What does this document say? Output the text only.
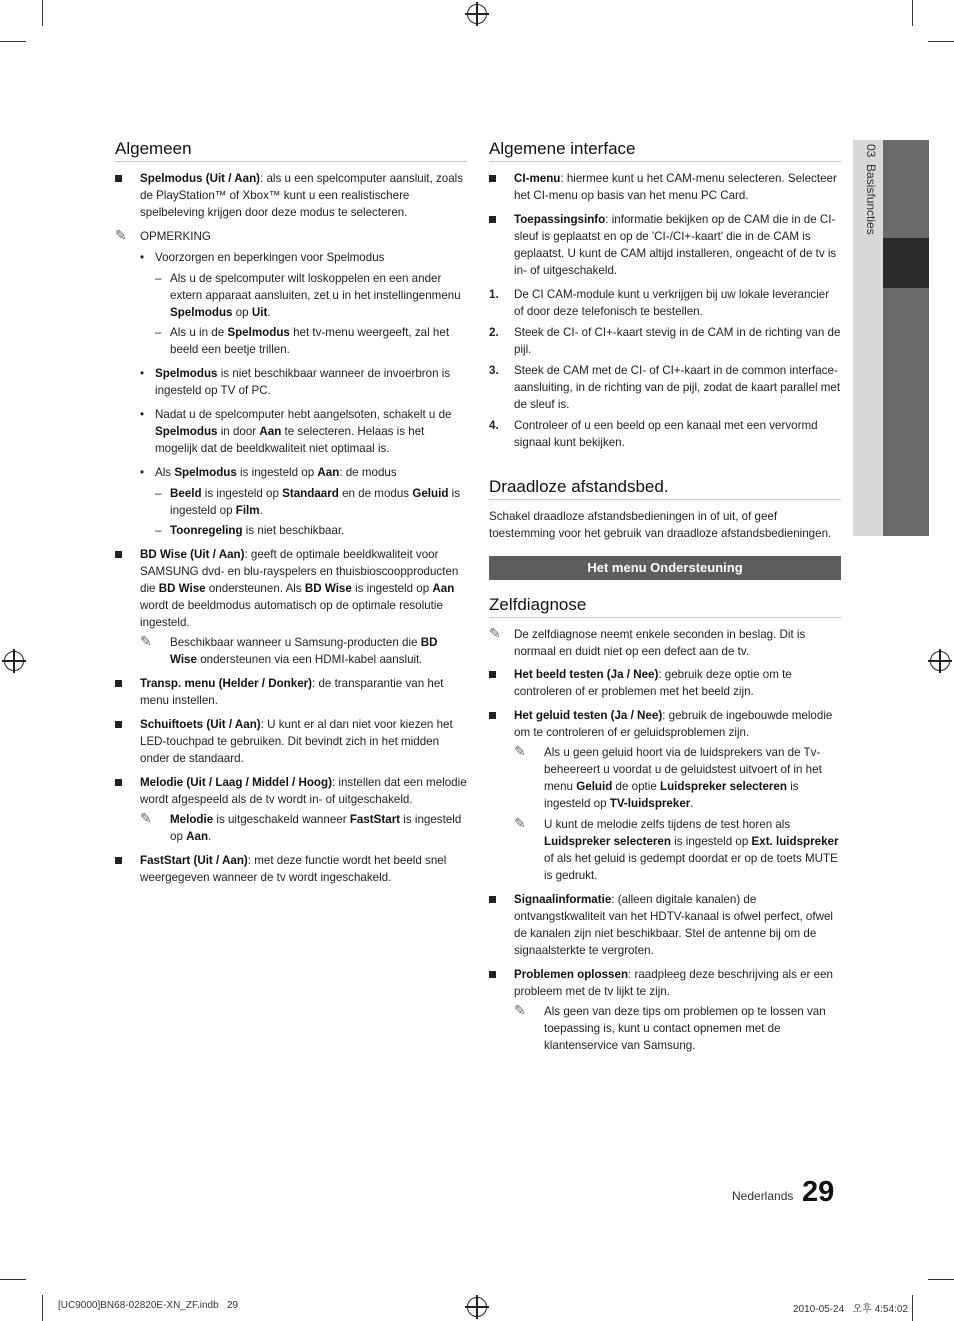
03  Basisfuncties
Algemeen
Spelmodus (Uit / Aan): als u een spelcomputer aansluit, zoals de PlayStation™ of Xbox™ kunt u een realistischere spelbeleving krijgen door deze modus te selecteren.
✎ OPMERKING
• Voorzorgen en beperkingen voor Spelmodus
– Als u de spelcomputer wilt loskoppelen en een ander extern apparaat aansluiten, zet u in het instellingenmenu Spelmodus op Uit.
– Als u in de Spelmodus het tv-menu weergeeft, zal het beeld een beetje trillen.
• Spelmodus is niet beschikbaar wanneer de invoerbron is ingesteld op TV of PC.
• Nadat u de spelcomputer hebt aangelsoten, schakelt u de Spelmodus in door Aan te selecteren. Helaas is het mogelijk dat de beeldkwaliteit niet optimaal is.
• Als Spelmodus is ingesteld op Aan: de modus
– Beeld is ingesteld op Standaard en de modus Geluid is ingesteld op Film.
– Toonregeling is niet beschikbaar.
BD Wise (Uit / Aan): geeft de optimale beeldkwaliteit voor SAMSUNG dvd- en blu-rayspelers en thuisbioscoopproducten die BD Wise ondersteunen. Als BD Wise is ingesteld op Aan wordt de beeldmodus automatisch op de optimale resolutie ingesteld.
✎ Beschikbaar wanneer u Samsung-producten die BD Wise ondersteunen via een HDMI-kabel aansluit.
Transp. menu (Helder / Donker): de transparantie van het menu instellen.
Schuiftoets (Uit / Aan): U kunt er al dan niet voor kiezen het LED-touchpad te gebruiken. Dit bevindt zich in het midden onder de standaard.
Melodie (Uit / Laag / Middel / Hoog): instellen dat een melodie wordt afgespeeld als de tv wordt in- of uitgeschakeld.
✎ Melodie is uitgeschakeld wanneer FastStart is ingesteld op Aan.
FastStart (Uit / Aan): met deze functie wordt het beeld snel weergegeven wanneer de tv wordt ingeschakeld.
Algemene interface
CI-menu: hiermee kunt u het CAM-menu selecteren. Selecteer het CI-menu op basis van het menu PC Card.
Toepassingsinfo: informatie bekijken op de CAM die in de CI-sleuf is geplaatst en op de 'CI-/CI+-kaart' die in de CAM is geplaatst. U kunt de CAM altijd installeren, ongeacht of de tv is in- of uitgeschakeld.
1. De CI CAM-module kunt u verkrijgen bij uw lokale leverancier of door deze telefonisch te bestellen.
2. Steek de CI- of CI+-kaart stevig in de CAM in de richting van de pijl.
3. Steek de CAM met de CI- of CI+-kaart in de common interface-aansluiting, in de richting van de pijl, zodat de kaart parallel met de sleuf is.
4. Controleer of u een beeld op een kanaal met een vervormd signaal kunt bekijken.
Draadloze afstandsbed.
Schakel draadloze afstandsbedieningen in of uit, of geef toestemming voor het gebruik van draadloze afstandsbedieningen.
Het menu Ondersteuning
Zelfdiagnose
✎ De zelfdiagnose neemt enkele seconden in beslag. Dit is normaal en duidt niet op een defect aan de tv.
Het beeld testen (Ja / Nee): gebruik deze optie om te controleren of er problemen met het beeld zijn.
Het geluid testen (Ja / Nee): gebruik de ingebouwde melodie om te controleren of er geluidsproblemen zijn.
✎ Als u geen geluid hoort via de luidsprekers van de Tv-beheereert u voordat u de geluidstest uitvoert of in het menu Geluid de optie Luidspreker selecteren is ingesteld op TV-luidspreker.
✎ U kunt de melodie zelfs tijdens de test horen als Luidspreker selecteren is ingesteld op Ext. luidspreker of als het geluid is gedempt doordat er op de toets MUTE is gedrukt.
Signaalinformatie: (alleen digitale kanalen) de ontvangstkwaliteit van het HDTV-kanaal is ofwel perfect, ofwel de kanalen zijn niet beschikbaar. Stel de antenne bij om de signaalsterkte te vergroten.
Problemen oplossen: raadpleeg deze beschrijving als er een probleem met de tv lijkt te zijn.
✎ Als geen van deze tips om problemen op te lossen van toepassing is, kunt u contact opnemen met de klantenservice van Samsung.
Nederlands 29
[UC9000]BN68-02820E-XN_ZF.indb   29	2010-05-24   오후 4:54:02
